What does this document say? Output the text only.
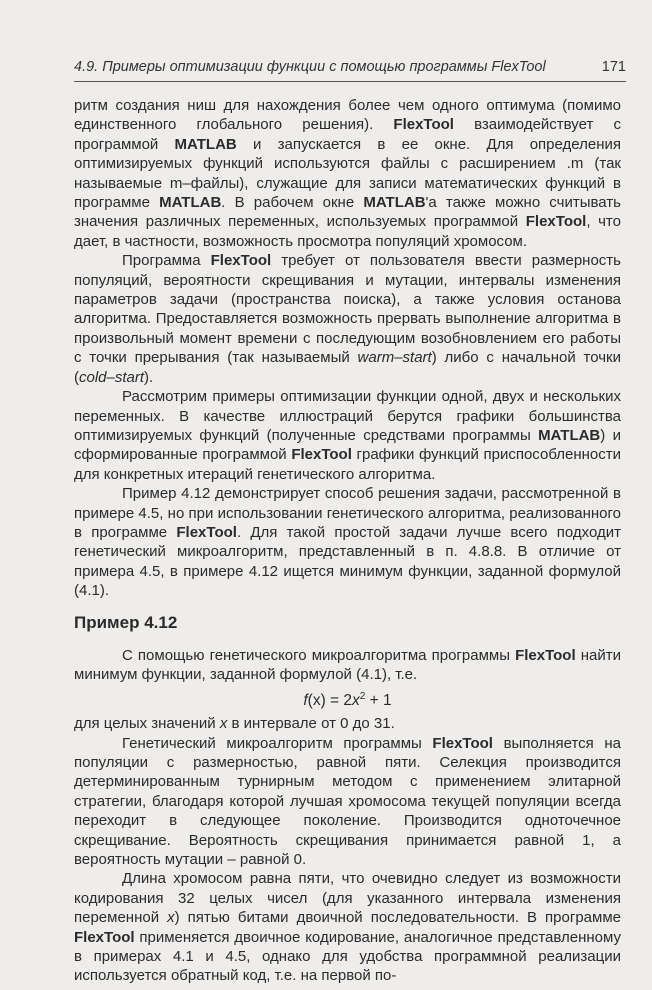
4.9. Примеры оптимизации функции с помощью программы FlexTool	171

ритм создания ниш для нахождения более чем одного оптимума (помимо единственного глобального решения). FlexTool взаимодействует с программой MATLAB и запускается в ее окне. Для определения оптимизируемых функций используются файлы с расширением .m (так называемые m–файлы), служащие для записи математических функций в программе MATLAB. В рабочем окне MATLAB'а также можно считывать значения различных переменных, используемых программой FlexTool, что дает, в частности, возможность просмотра популяций хромосом.

Программа FlexTool требует от пользователя ввести размерность популяций, вероятности скрещивания и мутации, интервалы изменения параметров задачи (пространства поиска), а также условия останова алгоритма. Предоставляется возможность прервать выполнение алгоритма в произвольный момент времени с последующим возобновлением его работы с точки прерывания (так называемый warm–start) либо с начальной точки (cold–start).

Рассмотрим примеры оптимизации функции одной, двух и нескольких переменных. В качестве иллюстраций берутся графики большинства оптимизируемых функций (полученные средствами программы MATLAB) и сформированные программой FlexTool графики функций приспособленности для конкретных итераций генетического алгоритма.

Пример 4.12 демонстрирует способ решения задачи, рассмотренной в примере 4.5, но при использовании генетического алгоритма, реализованного в программе FlexTool. Для такой простой задачи лучше всего подходит генетический микроалгоритм, представленный в п. 4.8.8. В отличие от примера 4.5, в примере 4.12 ищется минимум функции, заданной формулой (4.1).

Пример 4.12

С помощью генетического микроалгоритма программы FlexTool найти минимум функции, заданной формулой (4.1), т.е.

$f(x) = 2x^2 + 1$

для целых значений x в интервале от 0 до 31.

Генетический микроалгоритм программы FlexTool выполняется на популяции с размерностью, равной пяти. Селекция производится детерминированным турнирным методом с применением элитарной стратегии, благодаря которой лучшая хромосома текущей популяции всегда переходит в следующее поколение. Производится одноточечное скрещивание. Вероятность скрещивания принимается равной 1, а вероятность мутации – равной 0.

Длина хромосом равна пяти, что очевидно следует из возможности кодирования 32 целых чисел (для указанного интервала изменения переменной x) пятью битами двоичной последовательности. В программе FlexTool применяется двоичное кодирование, аналогичное представленному в примерах 4.1 и 4.5, однако для удобства программной реализации используется обратный код, т.е. на первой по-
